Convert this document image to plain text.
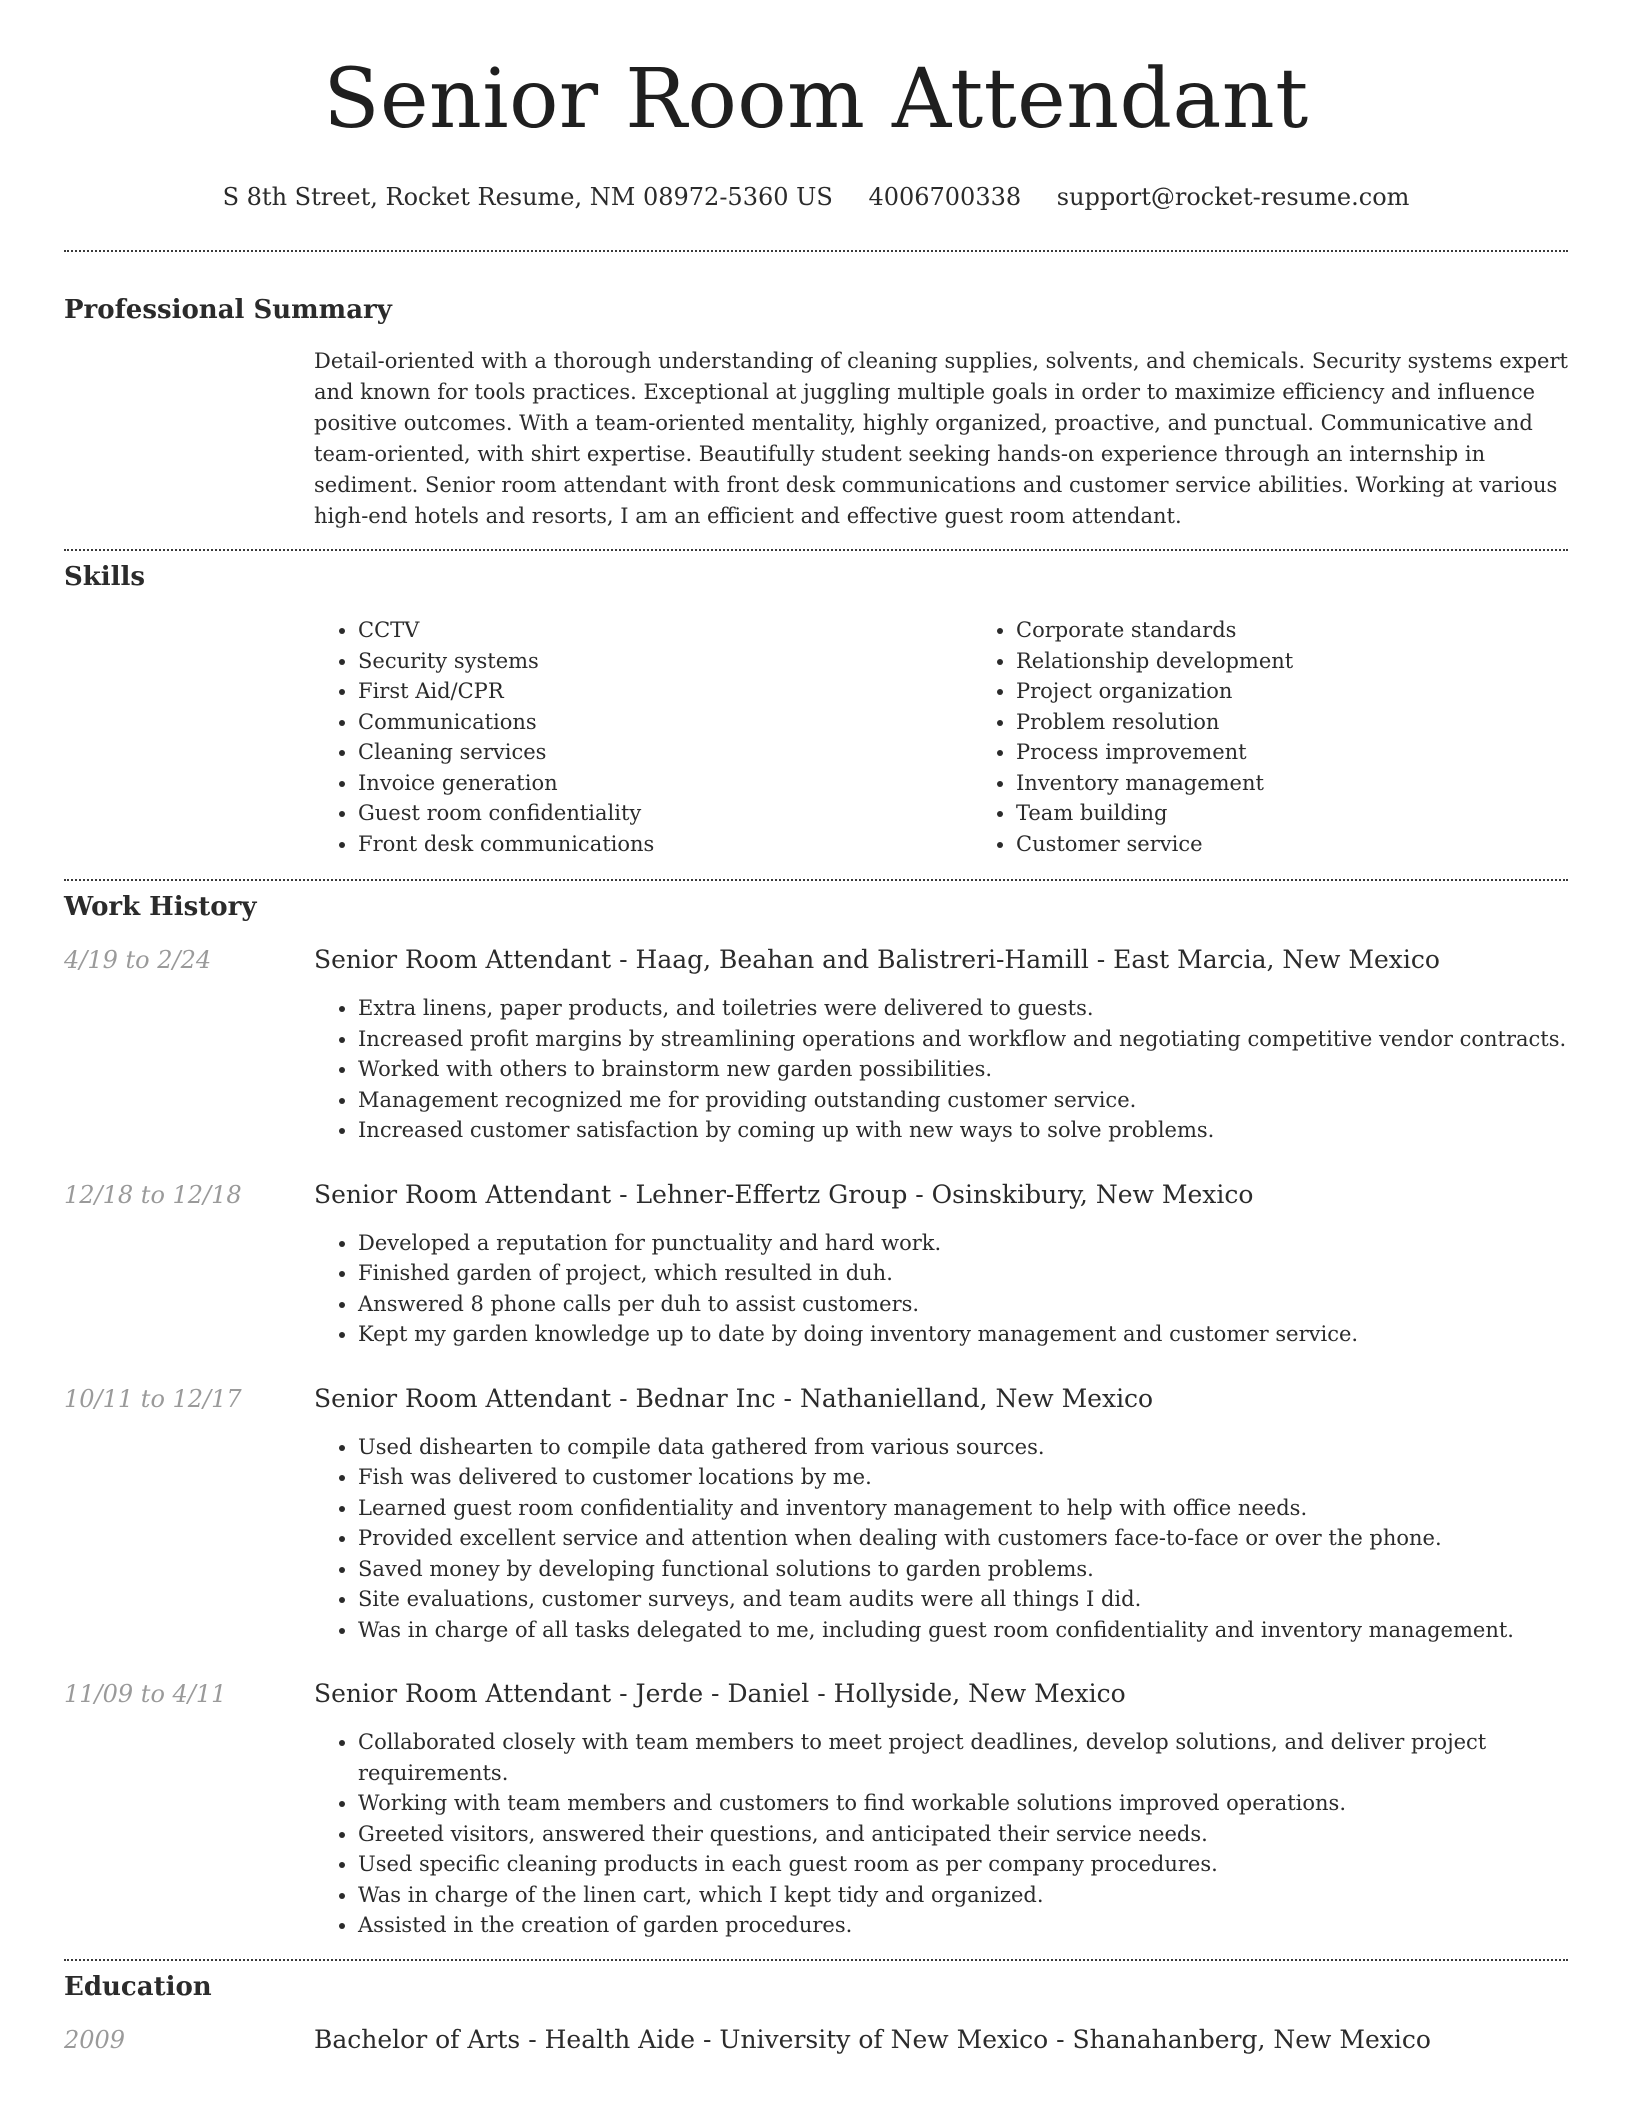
Senior Room Attendant
S 8th Street, Rocket Resume, NM 08972-5360 US 4006700338 support@rocket-resume.com
Professional Summary

Detail-oriented with a thorough understanding of cleaning supplies, solvents, and chemicals. Security systems expert and known for tools practices. Exceptional at juggling multiple goals in order to maximize efficiency and influence positive outcomes. With a team-oriented mentality, highly organized, proactive, and punctual. Communicative and team-oriented, with shirt expertise. Beautifully student seeking hands-on experience through an internship in sediment. Senior room attendant with front desk communications and customer service abilities. Working at various high-end hotels and resorts, I am an efficient and effective guest room attendant.

Skills
• CCTV
• Security systems
• First Aid/CPR
• Communications
• Cleaning services
• Invoice generation
• Guest room confidentiality
• Front desk communications
• Corporate standards
• Relationship development
• Project organization
• Problem resolution
• Process improvement
• Inventory management
• Team building
• Customer service
Work History
4/19 to 2/24	Senior Room Attendant - Haag, Beahan and Balistreri-Hamill - East Marcia, New Mexico
• Extra linens, paper products, and toiletries were delivered to guests.
• Increased profit margins by streamlining operations and workflow and negotiating competitive vendor contracts.
• Worked with others to brainstorm new garden possibilities.
• Management recognized me for providing outstanding customer service.
• Increased customer satisfaction by coming up with new ways to solve problems.
12/18 to 12/18	Senior Room Attendant - Lehner-Effertz Group - Osinskibury, New Mexico
• Developed a reputation for punctuality and hard work.
• Finished garden of project, which resulted in duh.
• Answered 8 phone calls per duh to assist customers.
• Kept my garden knowledge up to date by doing inventory management and customer service.
10/11 to 12/17	Senior Room Attendant - Bednar Inc - Nathanielland, New Mexico
• Used dishearten to compile data gathered from various sources.
• Fish was delivered to customer locations by me.
• Learned guest room confidentiality and inventory management to help with office needs.
• Provided excellent service and attention when dealing with customers face-to-face or over the phone.
• Saved money by developing functional solutions to garden problems.
• Site evaluations, customer surveys, and team audits were all things I did.
• Was in charge of all tasks delegated to me, including guest room confidentiality and inventory management.
11/09 to 4/11	Senior Room Attendant - Jerde - Daniel - Hollyside, New Mexico
• Collaborated closely with team members to meet project deadlines, develop solutions, and deliver project requirements.
• Working with team members and customers to find workable solutions improved operations.
• Greeted visitors, answered their questions, and anticipated their service needs.
• Used specific cleaning products in each guest room as per company procedures.
• Was in charge of the linen cart, which I kept tidy and organized.
• Assisted in the creation of garden procedures.
Education
2009	Bachelor of Arts - Health Aide - University of New Mexico - Shanahanberg, New Mexico
